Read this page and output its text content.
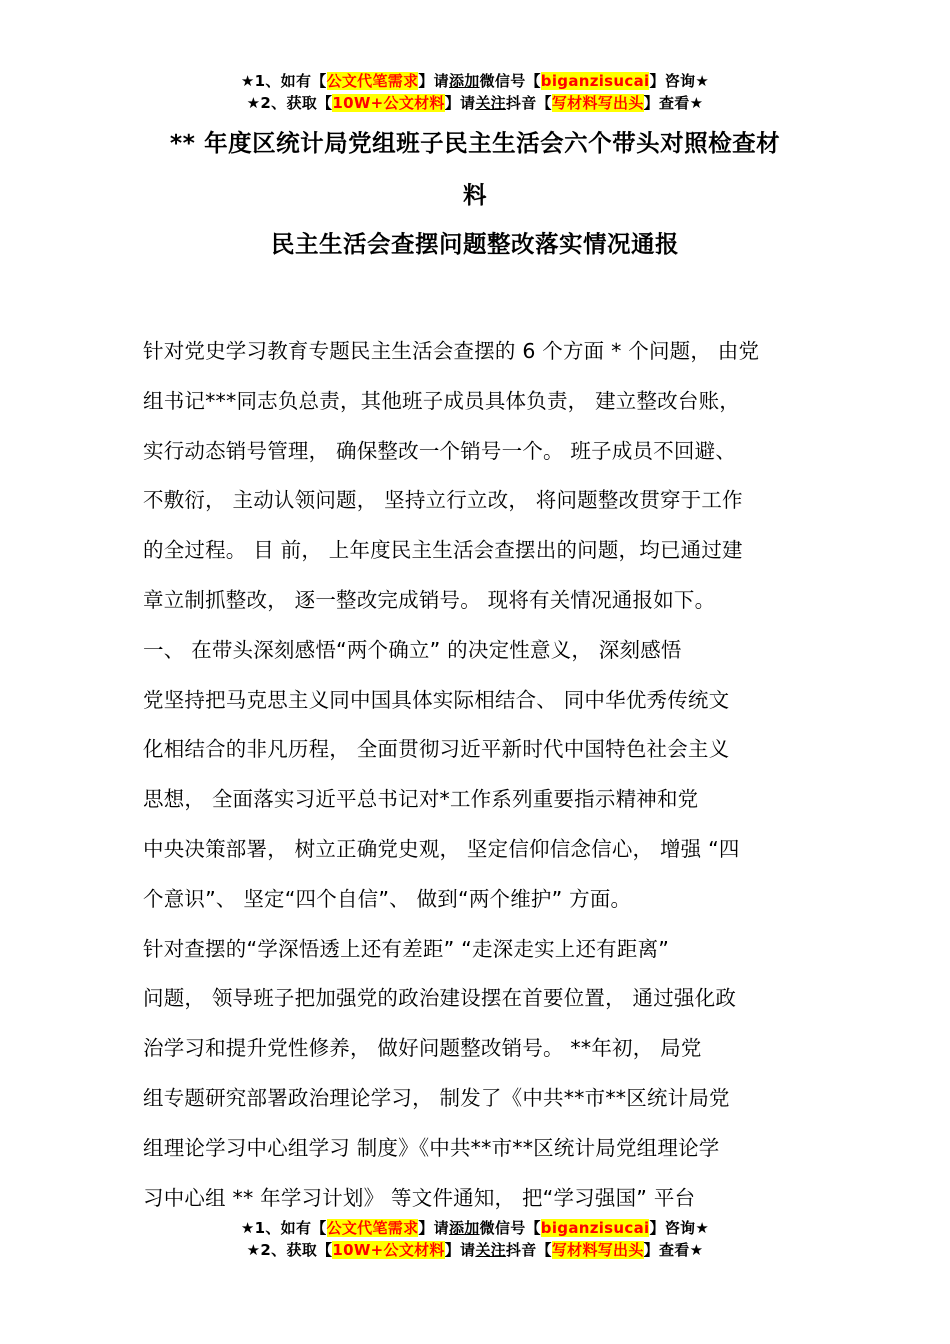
★1、如有【公文代笔需求】请添加微信号【biganzisucai】咨询★
★2、获取【10W+公文材料】请关注抖音【写材料写出头】查看★
** 年度区统计局党组班子民主生活会六个带头对照检查材
料
民主生活会查摆问题整改落实情况通报
针对党史学习教育专题民主生活会查摆的 6 个方面 * 个问题， 由党
组书记***同志负总责，其他班子成员具体负责， 建立整改台账，
实行动态销号管理， 确保整改一个销号一个。 班子成员不回避、
不敷衍， 主动认领问题， 坚持立行立改， 将问题整改贯穿于工作
的全过程。 目 前， 上年度民主生活会查摆出的问题，均已通过建
章立制抓整改， 逐一整改完成销号。 现将有关情况通报如下。
一、 在带头深刻感悟“两个确立” 的决定性意义， 深刻感悟
党坚持把马克思主义同中国具体实际相结合、 同中华优秀传统文
化相结合的非凡历程， 全面贯彻习近平新时代中国特色社会主义
思想， 全面落实习近平总书记对*工作系列重要指示精神和党
中央决策部署， 树立正确党史观， 坚定信仰信念信心， 增强 “四
个意识”、 坚定“四个自信”、 做到“两个维护” 方面。
针对查摆的“学深悟透上还有差距” “走深走实上还有距离”
问题， 领导班子把加强党的政治建设摆在首要位置， 通过强化政
治学习和提升党性修养， 做好问题整改销号。 **年初， 局党
组专题研究部署政治理论学习， 制发了《中共**市**区统计局党
组理论学习中心组学习 制度》《中共**市**区统计局党组理论学
习中心组 ** 年学习计划》 等文件通知， 把“学习强国” 平台
★1、如有【公文代笔需求】请添加微信号【biganzisucai】咨询★
★2、获取【10W+公文材料】请关注抖音【写材料写出头】查看★
